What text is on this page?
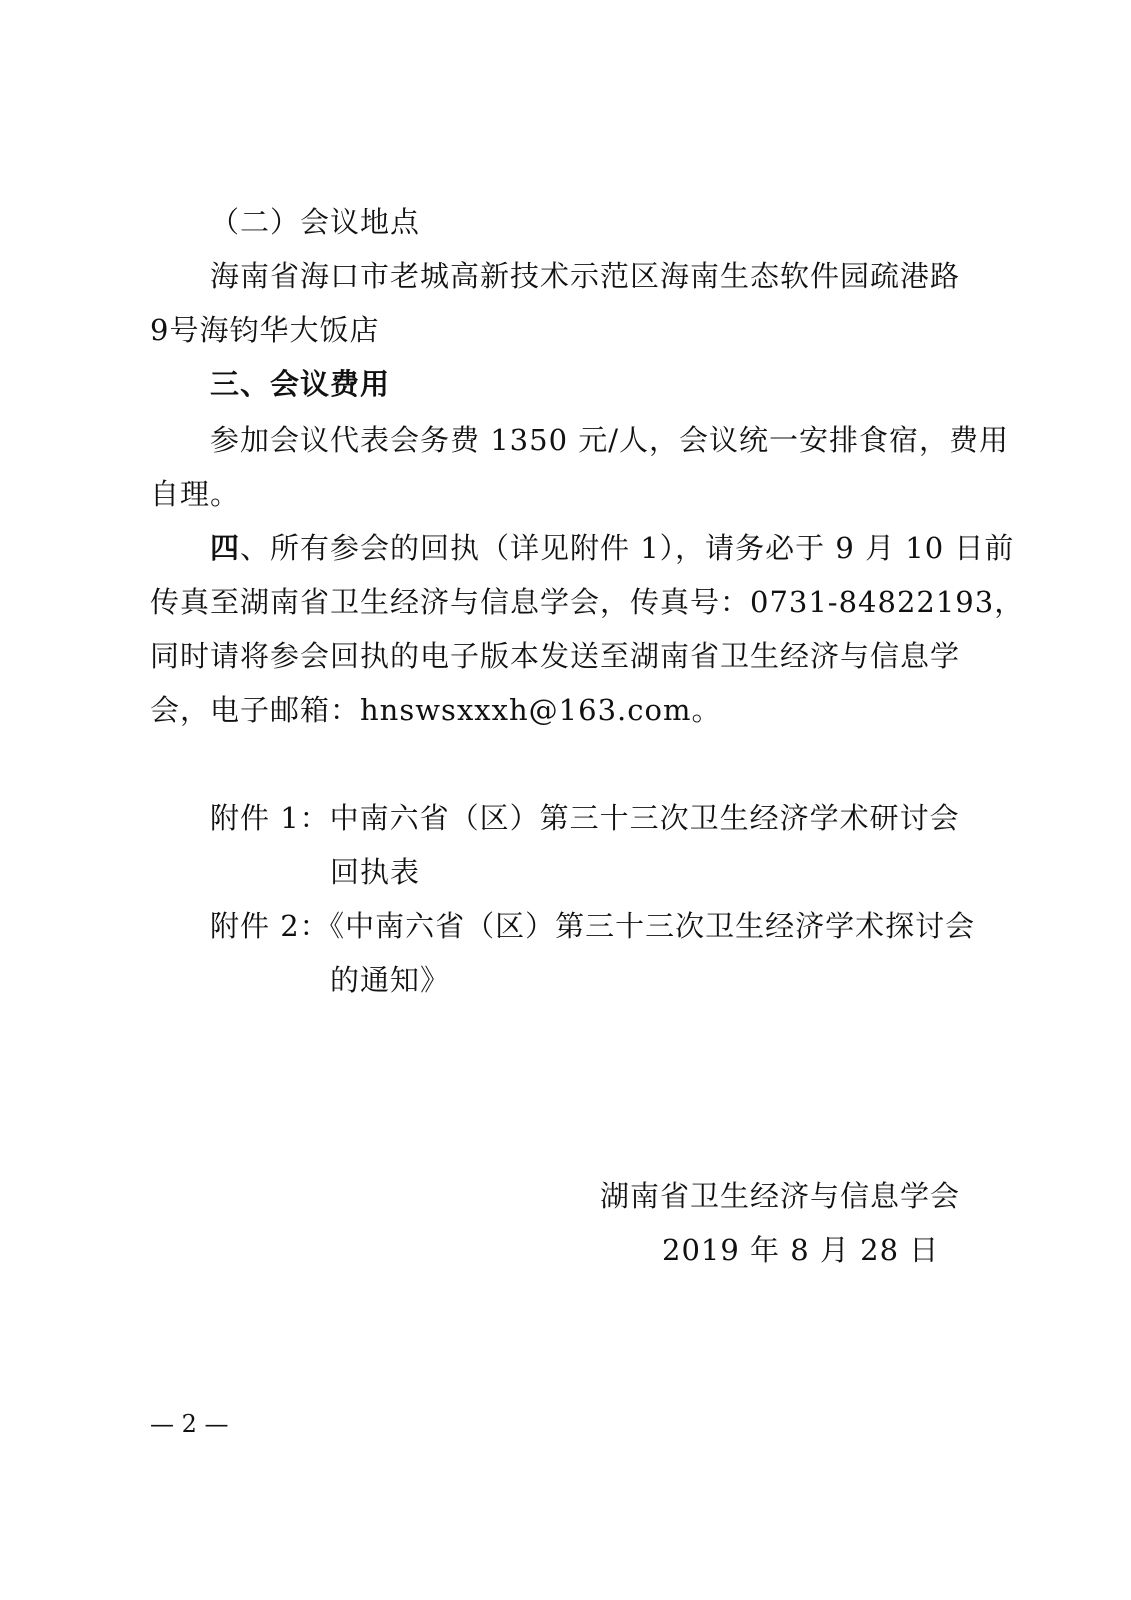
（二）会议地点
海南省海口市老城高新技术示范区海南生态软件园疏港路
9号海钧华大饭店
三、会议费用
参加会议代表会务费 1350 元/人，会议统一安排食宿，费用
自理。
四、所有参会的回执（详见附件 1），请务必于 9 月 10 日前
传真至湖南省卫生经济与信息学会，传真号：0731-84822193，
同时请将参会回执的电子版本发送至湖南省卫生经济与信息学
会，电子邮箱：hnswsxxxh@163.com。
附件 1：中南六省（区）第三十三次卫生经济学术研讨会
回执表
附件 2：《中南六省（区）第三十三次卫生经济学术探讨会
的通知》
湖南省卫生经济与信息学会
2019 年 8 月 28 日
— 2 —
